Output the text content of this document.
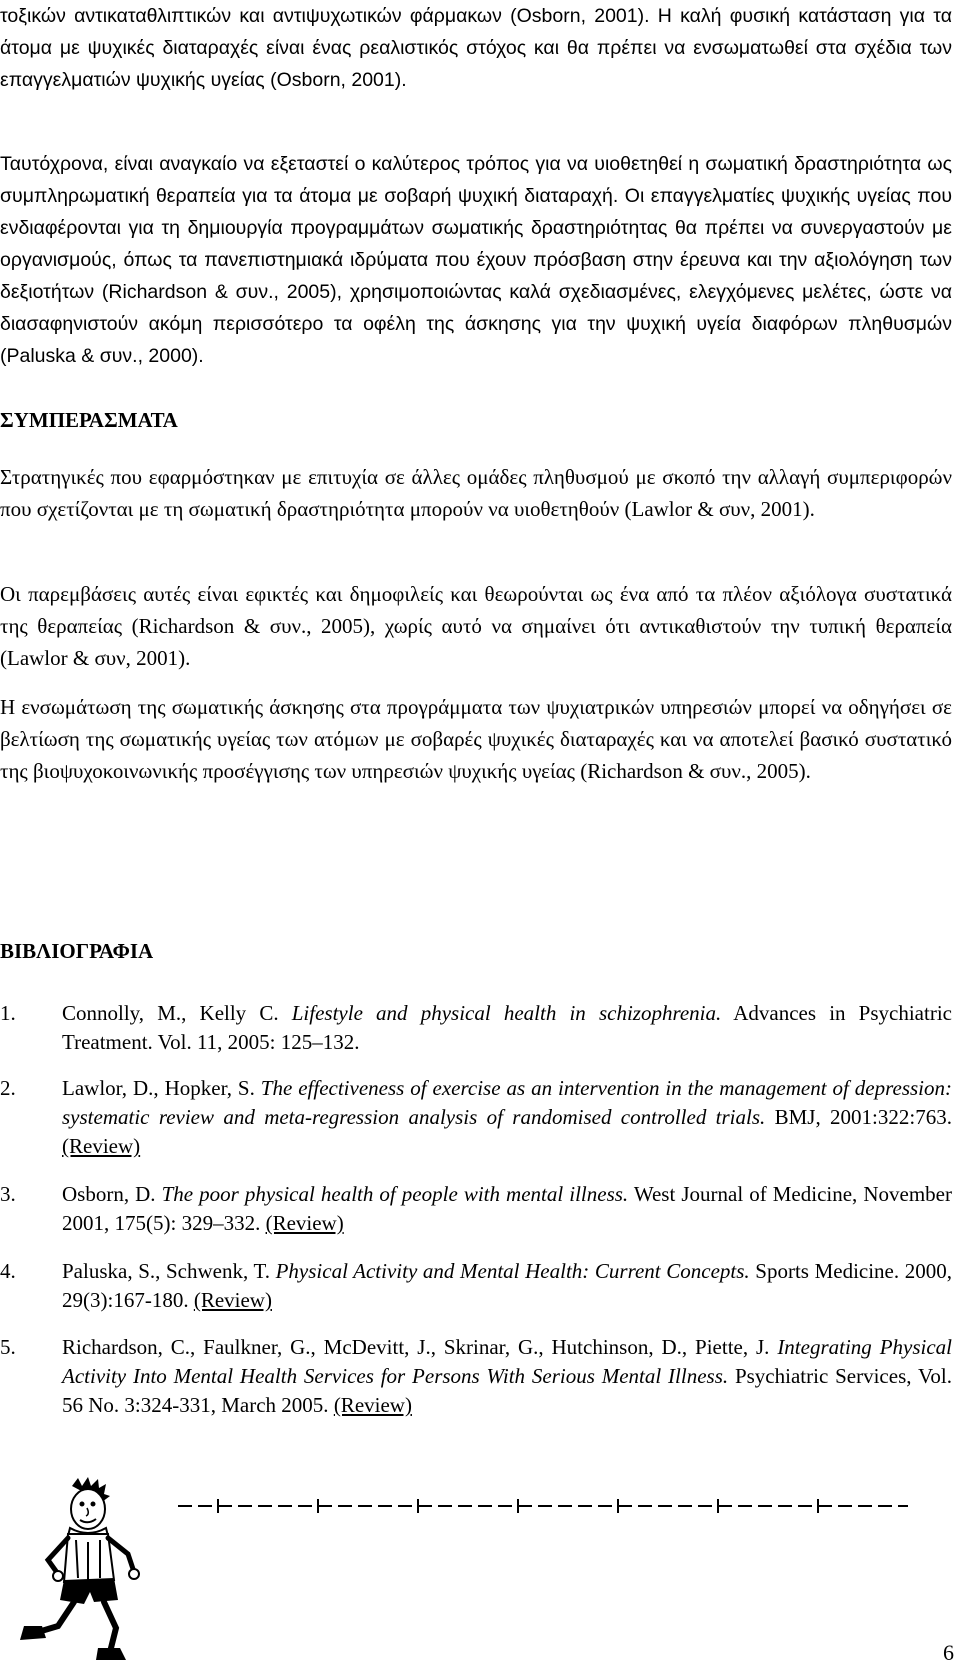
τοξικών αντικαταθλιπτικών και αντιψυχωτικών φάρμακων (Osborn, 2001). Η καλή φυσική κατάσταση για τα άτομα με ψυχικές διαταραχές είναι ένας ρεαλιστικός στόχος και θα πρέπει να ενσωματωθεί στα σχέδια των επαγγελματιών ψυχικής υγείας (Osborn, 2001).

Ταυτόχρονα, είναι αναγκαίο να εξεταστεί ο καλύτερος τρόπος για να υιοθετηθεί η σωματική δραστηριότητα ως συμπληρωματική θεραπεία για τα άτομα με σοβαρή ψυχική διαταραχή. Οι επαγγελματίες ψυχικής υγείας που ενδιαφέρονται για τη δημιουργία προγραμμάτων σωματικής δραστηριότητας θα πρέπει να συνεργαστούν με οργανισμούς, όπως τα πανεπιστημιακά ιδρύματα που έχουν πρόσβαση στην έρευνα και την αξιολόγηση των δεξιοτήτων (Richardson & συν., 2005), χρησιμοποιώντας καλά σχεδιασμένες, ελεγχόμενες μελέτες, ώστε να διασαφηνιστούν ακόμη περισσότερο τα οφέλη της άσκησης για την ψυχική υγεία διαφόρων πληθυσμών (Paluska & συν., 2000).

ΣΥΜΠΕΡΑΣΜΑΤΑ

Στρατηγικές που εφαρμόστηκαν με επιτυχία σε άλλες ομάδες πληθυσμού με σκοπό την αλλαγή συμπεριφορών που σχετίζονται με τη σωματική δραστηριότητα μπορούν να υιοθετηθούν (Lawlor & συν, 2001).

Οι παρεμβάσεις αυτές είναι εφικτές και δημοφιλείς και θεωρούνται ως ένα από τα πλέον αξιόλογα συστατικά της θεραπείας (Richardson & συν., 2005), χωρίς αυτό να σημαίνει ότι αντικαθιστούν την τυπική θεραπεία (Lawlor & συν, 2001).

Η ενσωμάτωση της σωματικής άσκησης στα προγράμματα των ψυχιατρικών υπηρεσιών μπορεί να οδηγήσει σε βελτίωση της σωματικής υγείας των ατόμων με σοβαρές ψυχικές διαταραχές και να αποτελεί βασικό συστατικό της βιοψυχοκοινωνικής προσέγγισης των υπηρεσιών ψυχικής υγείας (Richardson & συν., 2005).

ΒΙΒΛΙΟΓΡΑΦΙΑ
1. Connolly, M., Kelly C. Lifestyle and physical health in schizophrenia. Advances in Psychiatric Treatment. Vol. 11, 2005: 125–132.
2. Lawlor, D., Hopker, S. The effectiveness of exercise as an intervention in the management of depression: systematic review and meta-regression analysis of randomised controlled trials. BMJ, 2001:322:763. (Review)
3. Osborn, D. The poor physical health of people with mental illness. West Journal of Medicine, November 2001, 175(5): 329–332. (Review)
4. Paluska, S., Schwenk, T. Physical Activity and Mental Health: Current Concepts. Sports Medicine. 2000, 29(3):167-180. (Review)
5. Richardson, C., Faulkner, G., McDevitt, J., Skrinar, G., Hutchinson, D., Piette, J. Integrating Physical Activity Into Mental Health Services for Persons With Serious Mental Illness. Psychiatric Services, Vol. 56 No. 3:324-331, March 2005. (Review)
6
